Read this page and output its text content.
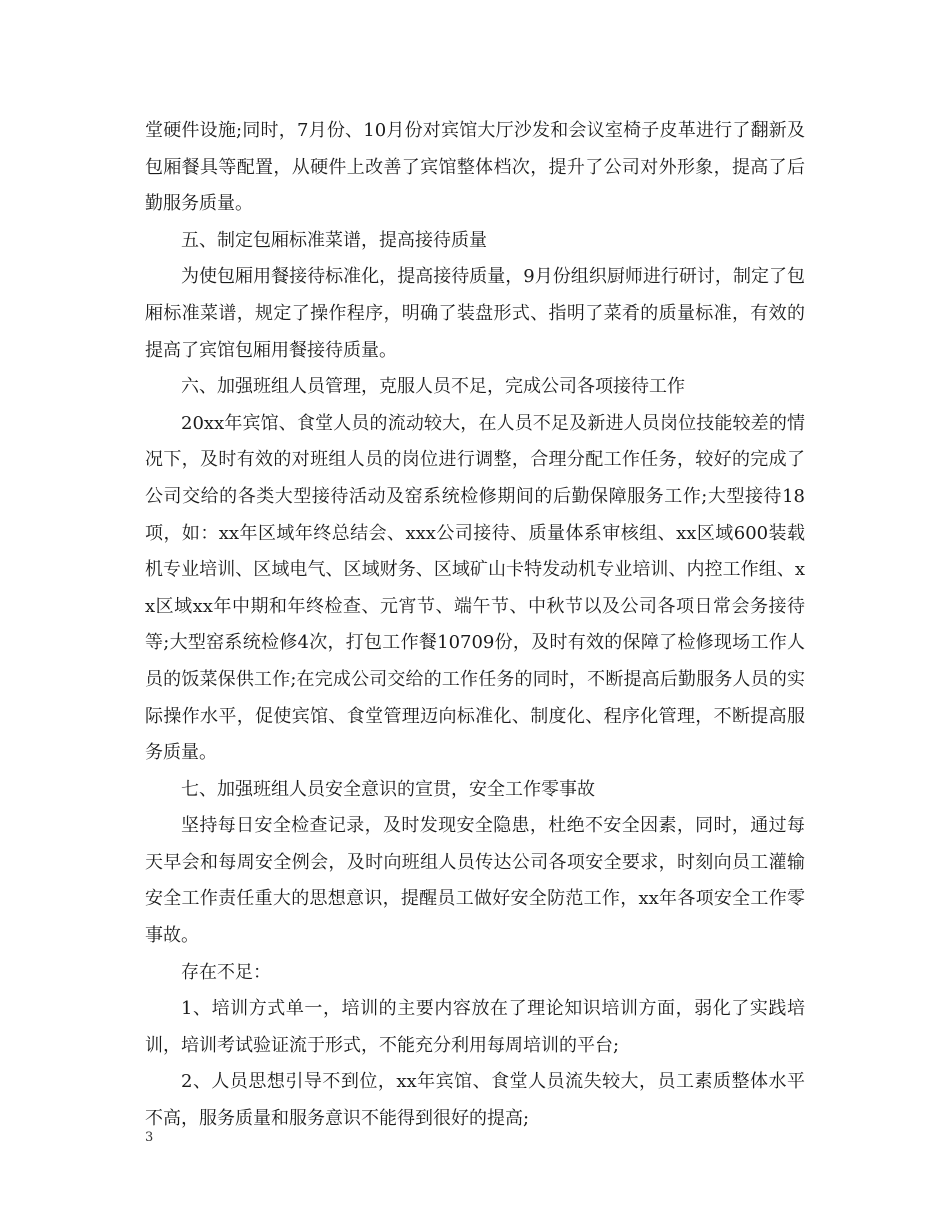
堂硬件设施;同时，7月份、10月份对宾馆大厅沙发和会议室椅子皮革进行了翻新及包厢餐具等配置，从硬件上改善了宾馆整体档次，提升了公司对外形象，提高了后勤服务质量。

五、制定包厢标准菜谱，提高接待质量

为使包厢用餐接待标准化，提高接待质量，9月份组织厨师进行研讨，制定了包厢标准菜谱，规定了操作程序，明确了装盘形式、指明了菜肴的质量标准，有效的提高了宾馆包厢用餐接待质量。

六、加强班组人员管理，克服人员不足，完成公司各项接待工作

20xx年宾馆、食堂人员的流动较大，在人员不足及新进人员岗位技能较差的情况下，及时有效的对班组人员的岗位进行调整，合理分配工作任务，较好的完成了公司交给的各类大型接待活动及窑系统检修期间的后勤保障服务工作;大型接待18项，如：xx年区域年终总结会、xxx公司接待、质量体系审核组、xx区域600装载机专业培训、区域电气、区域财务、区域矿山卡特发动机专业培训、内控工作组、xx区域xx年中期和年终检查、元宵节、端午节、中秋节以及公司各项日常会务接待等;大型窑系统检修4次，打包工作餐10709份，及时有效的保障了检修现场工作人员的饭菜保供工作;在完成公司交给的工作任务的同时，不断提高后勤服务人员的实际操作水平，促使宾馆、食堂管理迈向标准化、制度化、程序化管理，不断提高服务质量。

七、加强班组人员安全意识的宣贯，安全工作零事故

坚持每日安全检查记录，及时发现安全隐患，杜绝不安全因素，同时，通过每天早会和每周安全例会，及时向班组人员传达公司各项安全要求，时刻向员工灌输安全工作责任重大的思想意识，提醒员工做好安全防范工作，xx年各项安全工作零事故。

存在不足：

1、培训方式单一，培训的主要内容放在了理论知识培训方面，弱化了实践培训，培训考试验证流于形式，不能充分利用每周培训的平台;

2、人员思想引导不到位，xx年宾馆、食堂人员流失较大，员工素质整体水平不高，服务质量和服务意识不能得到很好的提高;

3
